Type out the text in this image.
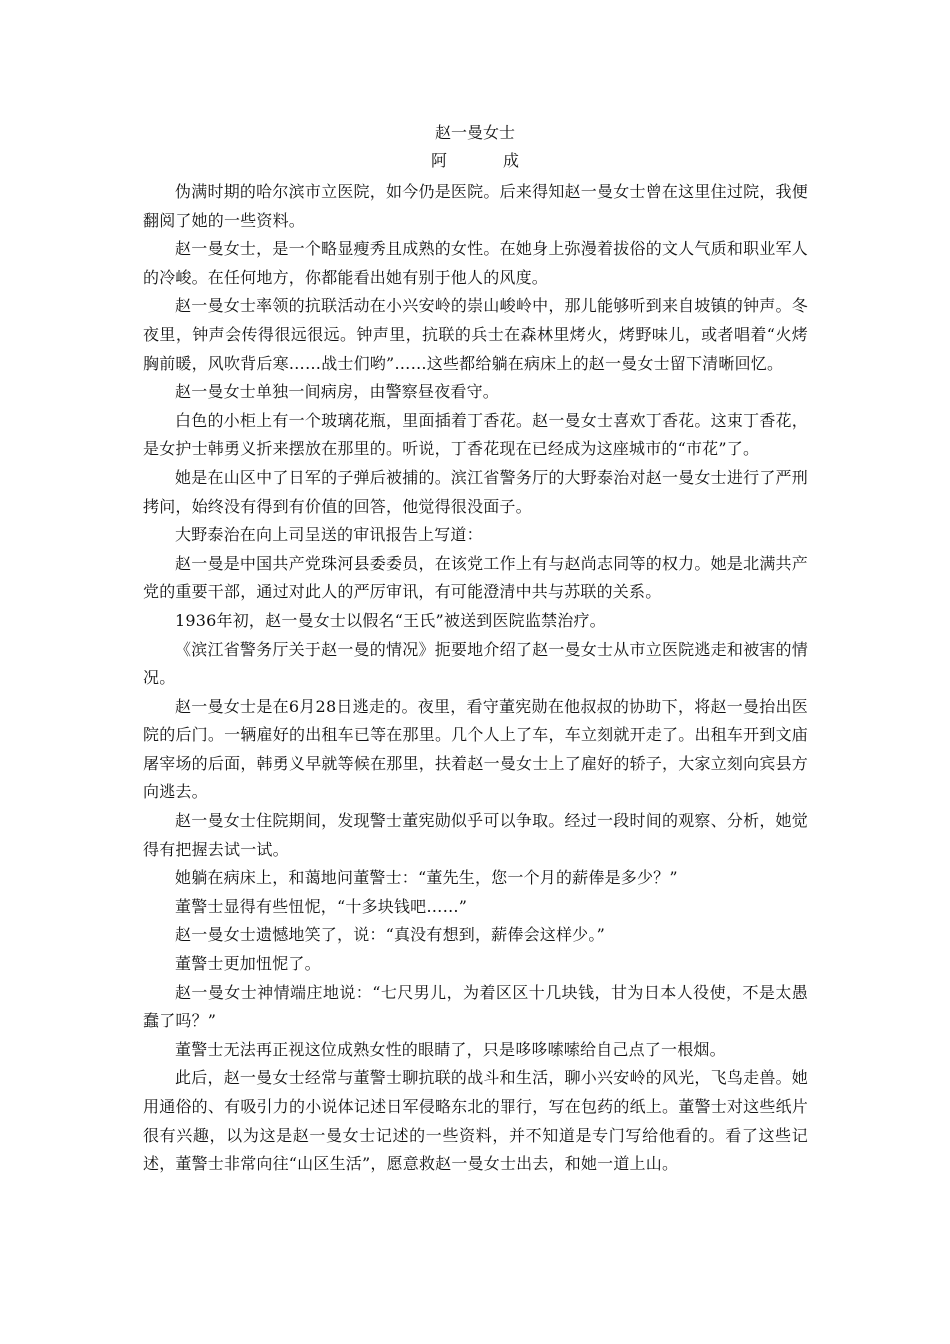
赵一曼女士
阿　成

伪满时期的哈尔滨市立医院，如今仍是医院。后来得知赵一曼女士曾在这里住过院，我便翻阅了她的一些资料。

赵一曼女士，是一个略显瘦秀且成熟的女性。在她身上弥漫着拔俗的文人气质和职业军人的冷峻。在任何地方，你都能看出她有别于他人的风度。

赵一曼女士率领的抗联活动在小兴安岭的崇山峻岭中，那儿能够听到来自坡镇的钟声。冬夜里，钟声会传得很远很远。钟声里，抗联的兵士在森林里烤火，烤野味儿，或者唱着“火烤胸前暖，风吹背后寒……战士们哟”……这些都给躺在病床上的赵一曼女士留下清晰回忆。

赵一曼女士单独一间病房，由警察昼夜看守。

白色的小柜上有一个玻璃花瓶，里面插着丁香花。赵一曼女士喜欢丁香花。这束丁香花，是女护士韩勇义折来摆放在那里的。听说，丁香花现在已经成为这座城市的“市花”了。

她是在山区中了日军的子弹后被捕的。滨江省警务厅的大野泰治对赵一曼女士进行了严刑拷问，始终没有得到有价值的回答，他觉得很没面子。

大野泰治在向上司呈送的审讯报告上写道：

赵一曼是中国共产党珠河县委委员，在该党工作上有与赵尚志同等的权力。她是北满共产党的重要干部，通过对此人的严厉审讯，有可能澄清中共与苏联的关系。

1936年初，赵一曼女士以假名“王氏”被送到医院监禁治疗。

《滨江省警务厅关于赵一曼的情况》扼要地介绍了赵一曼女士从市立医院逃走和被害的情况。

赵一曼女士是在6月28日逃走的。夜里，看守董宪勋在他叔叔的协助下，将赵一曼抬出医院的后门。一辆雇好的出租车已等在那里。几个人上了车，车立刻就开走了。出租车开到文庙屠宰场的后面，韩勇义早就等候在那里，扶着赵一曼女士上了雇好的轿子，大家立刻向宾县方向逃去。

赵一曼女士住院期间，发现警士董宪勋似乎可以争取。经过一段时间的观察、分析，她觉得有把握去试一试。

她躺在病床上，和蔼地问董警士：“董先生，您一个月的薪俸是多少？”

董警士显得有些忸怩，“十多块钱吧……”

赵一曼女士遗憾地笑了，说：“真没有想到，薪俸会这样少。”

董警士更加忸怩了。

赵一曼女士神情端庄地说：“七尺男儿，为着区区十几块钱，甘为日本人役使，不是太愚蠢了吗？”

董警士无法再正视这位成熟女性的眼睛了，只是哆哆嗦嗦给自己点了一根烟。

此后，赵一曼女士经常与董警士聊抗联的战斗和生活，聊小兴安岭的风光，飞鸟走兽。她用通俗的、有吸引力的小说体记述日军侵略东北的罪行，写在包药的纸上。董警士对这些纸片很有兴趣，以为这是赵一曼女士记述的一些资料，并不知道是专门写给他看的。看了这些记述，董警士非常向往“山区生活”，愿意救赵一曼女士出去，和她一道上山。
